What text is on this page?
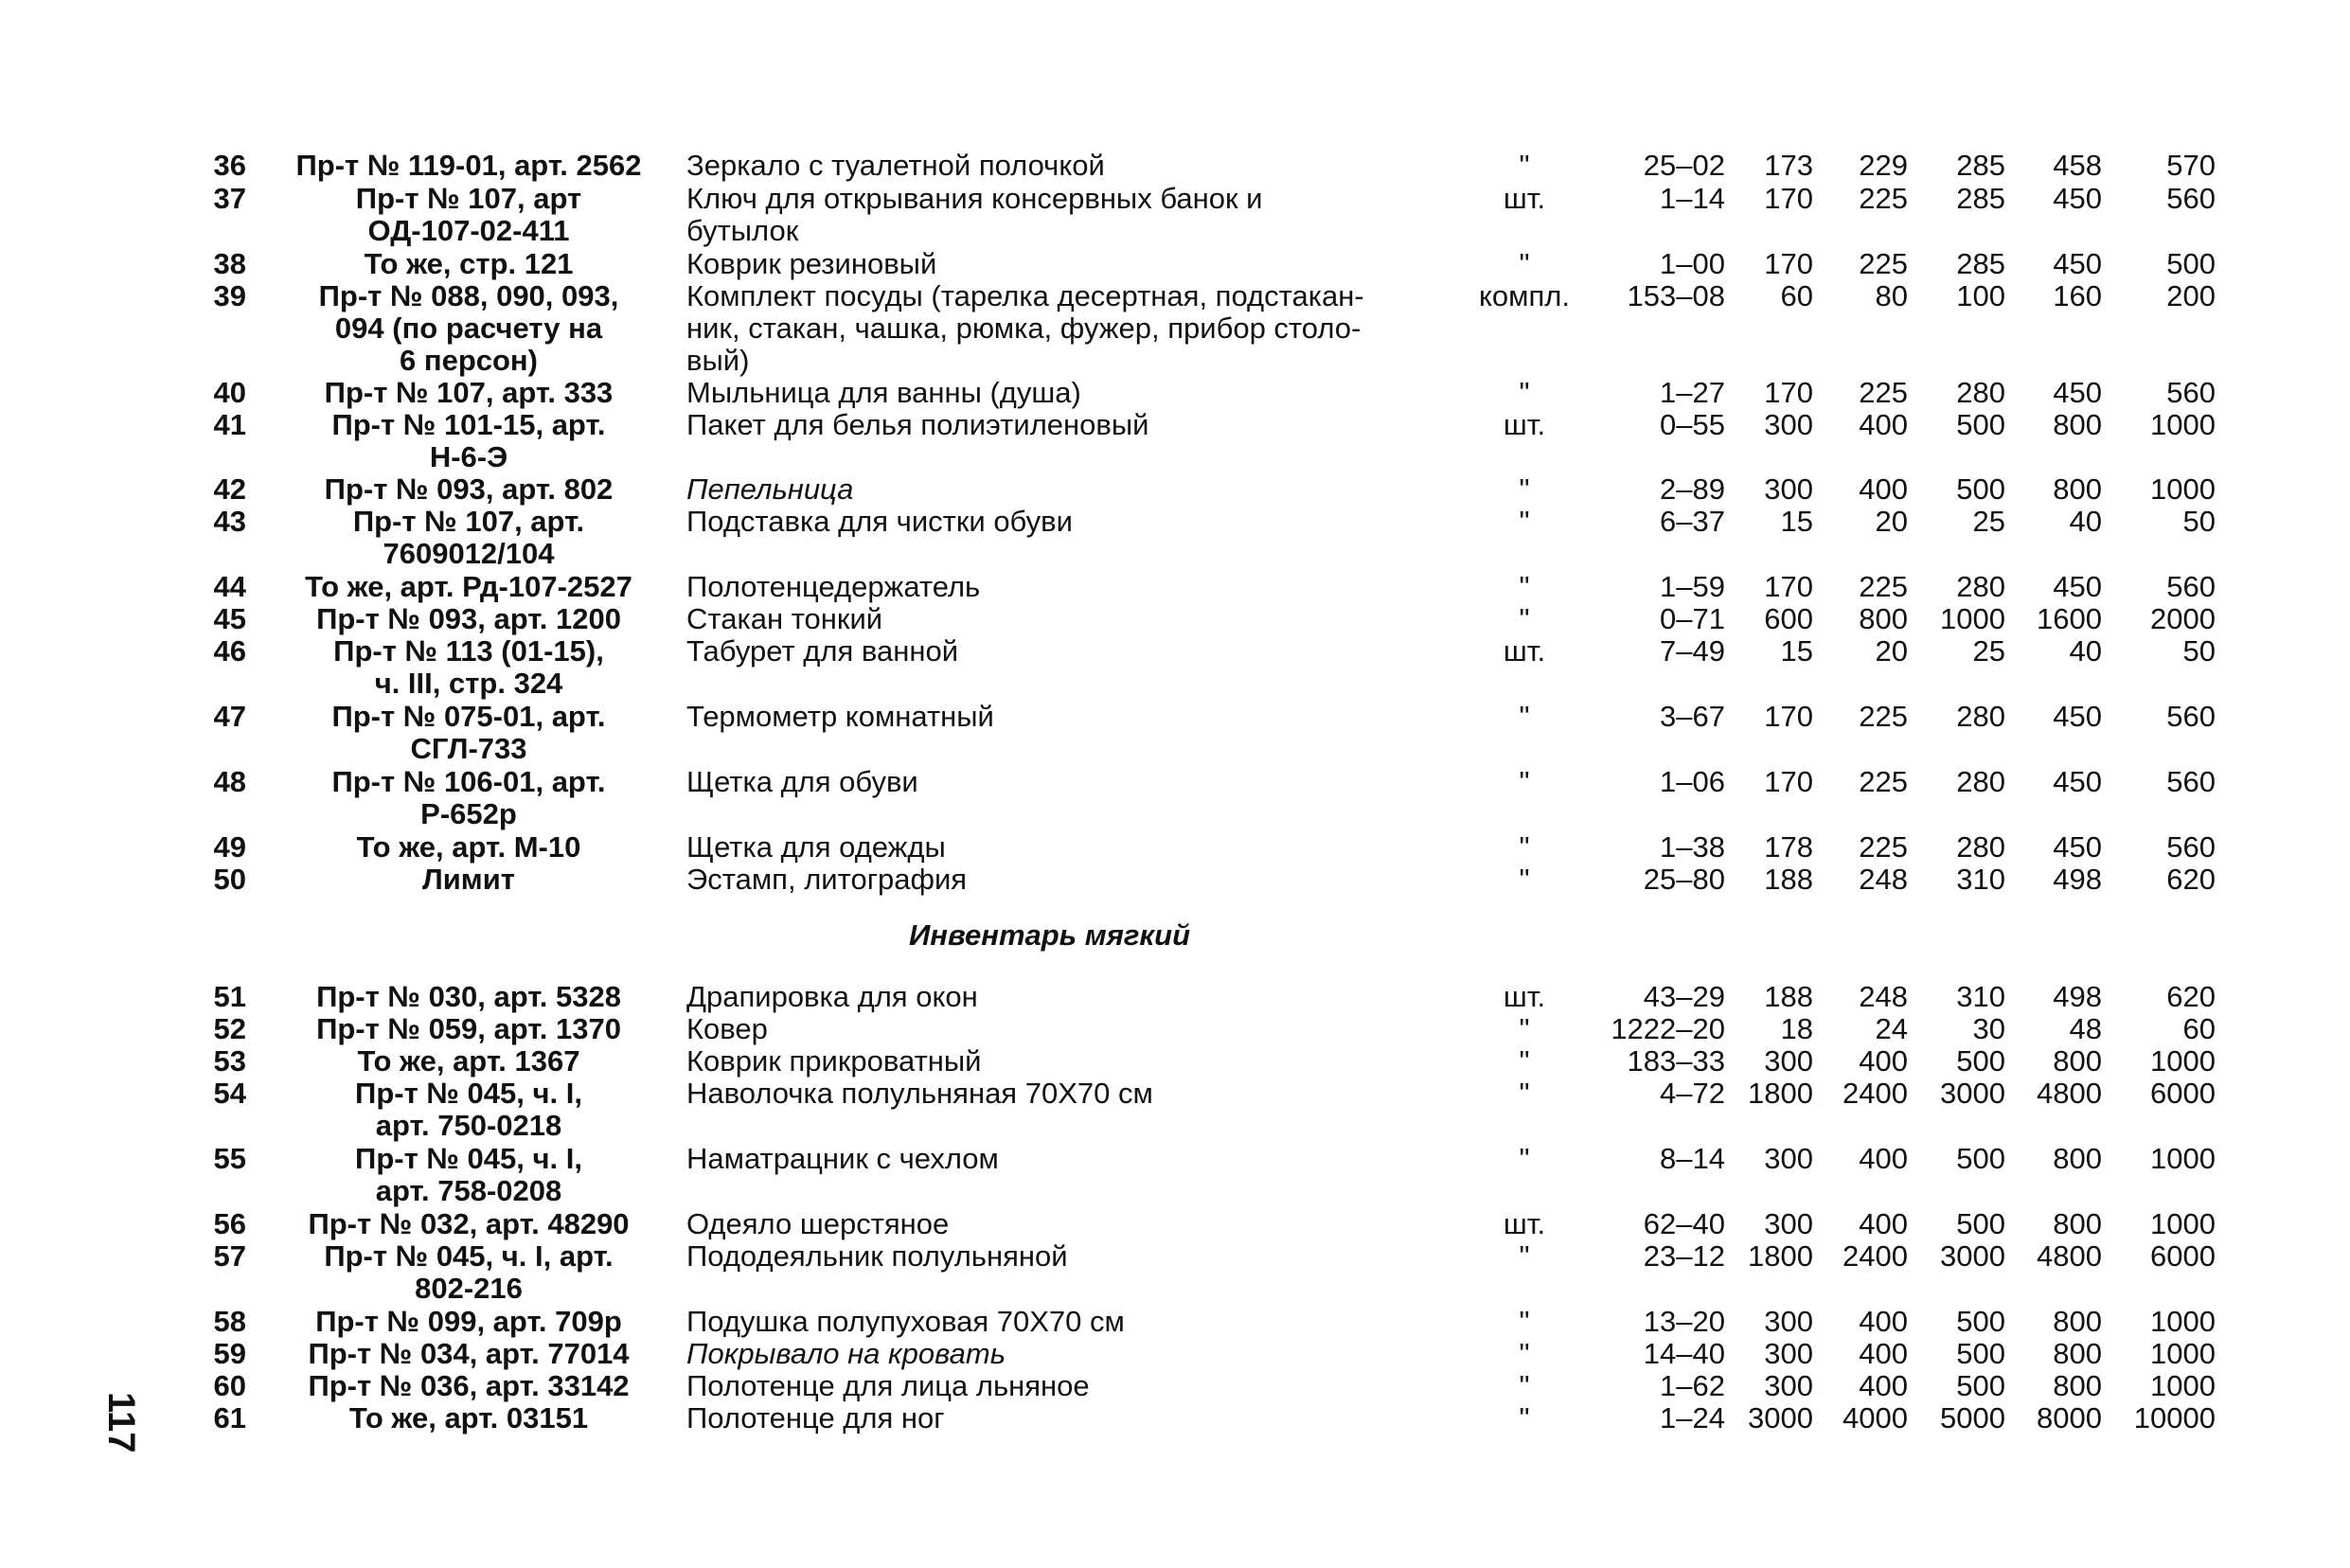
Инвентарь мягкий
117
36	Пр-т № 119-01, арт. 2562	Зеркало с туалетной полочкой	"	25–02	173	229	285	458	570
37	Пр-т № 107, арт
ОД-107-02-411
Ключ для открывания консервных банок и
бутылок
шт.	1–14	170	225	285	450	560
38	То же, стр. 121	Коврик резиновый	"	1–00	170	225	285	450	500
39	Пр-т № 088, 090, 093,
094 (по расчету на
6 персон)
Комплект посуды (тарелка десертная, подстакан-
ник, стакан, чашка, рюмка, фужер, прибор столо-
вый)
компл.	153–08	60	80	100	160	200
40	Пр-т № 107, арт. 333	Мыльница для ванны (душа)	"	1–27	170	225	280	450	560
41	Пр-т № 101-15, арт.
Н-6-Э
Пакет для белья полиэтиленовый	шт.	0–55	300	400	500	800	1000
42	Пр-т № 093, арт. 802	Пепельница	"	2–89	300	400	500	800	1000
43	Пр-т № 107, арт.
7609012/104
Подставка для чистки обуви	"	6–37	15	20	25	40	50
44	То же, арт. Рд-107-2527	Полотенцедержатель	"	1–59	170	225	280	450	560
45	Пр-т № 093, арт. 1200	Стакан тонкий	"	0–71	600	800	1000	1600	2000
46	Пр-т № 113 (01-15),
ч. III, стр. 324
Табурет для ванной	шт.	7–49	15	20	25	40	50
47	Пр-т № 075-01, арт.
СГЛ-733
Термометр комнатный	"	3–67	170	225	280	450	560
48	Пр-т № 106-01, арт.
Р-652р
Щетка для обуви	"	1–06	170	225	280	450	560
49	То же, арт. М-10	Щетка для одежды	"	1–38	178	225	280	450	560
50	Лимит	Эстамп, литография	"	25–80	188	248	310	498	620
51	Пр-т № 030, арт. 5328	Драпировка для окон	шт.	43–29	188	248	310	498	620
52	Пр-т № 059, арт. 1370	Ковер	"	1222–20	18	24	30	48	60
53	То же, арт. 1367	Коврик прикроватный	"	183–33	300	400	500	800	1000
54	Пр-т № 045, ч. I,
арт. 750-0218
Наволочка полульняная 70Х70 см	"	4–72 1800	2400	3000	4800	6000
55	Пр-т № 045, ч. I,
арт. 758-0208
Наматрацник с чехлом	"	8–14	300	400	500	800	1000
56	Пр-т № 032, арт. 48290	Одеяло шерстяное	шт.	62–40	300	400	500	800	1000
57	Пр-т № 045, ч. I, арт.
802-216
Пододеяльник полульняной	"	23–12 1800	2400	3000	4800	6000
58	Пр-т № 099, арт. 709р	Подушка полупуховая 70Х70 см	"	13–20	300	400	500	800	1000
59	Пр-т № 034, арт. 77014	Покрывало на кровать	"	14–40	300	400	500	800	1000
60	Пр-т № 036, арт. 33142	Полотенце для лица льняное	"	1–62	300	400	500	800	1000
61	То же, арт. 03151	Полотенце для ног	"	1–24 3000	4000	5000	8000	10000
